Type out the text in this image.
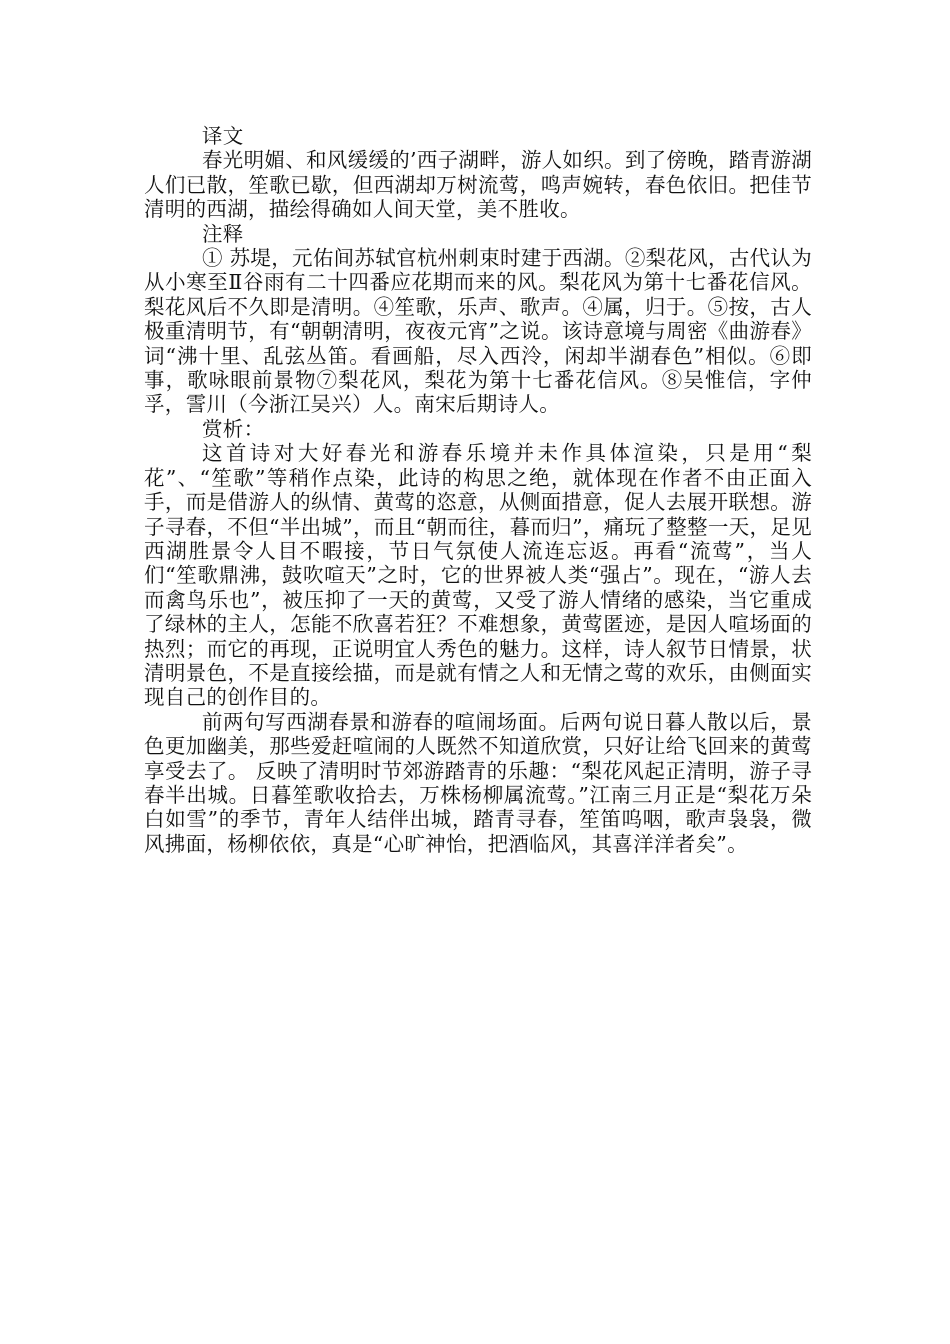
译文

春光明媚、和风缓缓的’西子湖畔，游人如织。到了傍晚，踏青游湖人们已散，笙歌已歇，但西湖却万树流莺，鸣声婉转，春色依旧。把佳节清明的西湖，描绘得确如人间天堂，美不胜收。

注释

① 苏堤，元佑间苏轼官杭州刺束时建于西湖。②梨花风，古代认为从小寒至Ⅱ谷雨有二十四番应花期而来的风。梨花风为第十七番花信风。梨花风后不久即是清明。④笙歌，乐声、歌声。④属，归于。⑤按，古人极重清明节，有“朝朝清明，夜夜元宵”之说。该诗意境与周密《曲游春》词“沸十里、乱弦丛笛。看画船，尽入西泠，闲却半湖春色”相似。⑥即事，歌咏眼前景物⑦梨花风，梨花为第十七番花信风。⑧吴惟信，字仲孚，霅川（今浙江吴兴）人。南宋后期诗人。

赏析：

这首诗对大好春光和游春乐境并未作具体渲染，只是用“梨花”、“笙歌”等稍作点染，此诗的构思之绝，就体现在作者不由正面入手，而是借游人的纵情、黄莺的恣意，从侧面措意，促人去展开联想。游子寻春，不但“半出城”，而且“朝而往，暮而归”，痛玩了整整一天，足见西湖胜景令人目不暇接，节日气氛使人流连忘返。再看“流莺”，当人们“笙歌鼎沸，鼓吹喧天”之时，它的世界被人类“强占”。现在，“游人去而禽鸟乐也”，被压抑了一天的黄莺，又受了游人情绪的感染，当它重成了绿林的主人，怎能不欣喜若狂？不难想象，黄莺匿迹，是因人喧场面的热烈；而它的再现，正说明宜人秀色的魅力。这样，诗人叙节日情景，状清明景色，不是直接绘描，而是就有情之人和无情之莺的欢乐，由侧面实现自己的创作目的。

前两句写西湖春景和游春的喧闹场面。后两句说日暮人散以后，景色更加幽美，那些爱赶喧闹的人既然不知道欣赏，只好让给飞回来的黄莺享受去了。 反映了清明时节郊游踏青的乐趣：“梨花风起正清明，游子寻春半出城。日暮笙歌收拾去，万株杨柳属流莺。”江南三月正是“梨花万朵白如雪”的季节，青年人结伴出城，踏青寻春，笙笛呜咽，歌声袅袅，微风拂面，杨柳依依，真是“心旷神怡，把酒临风，其喜洋洋者矣”。
